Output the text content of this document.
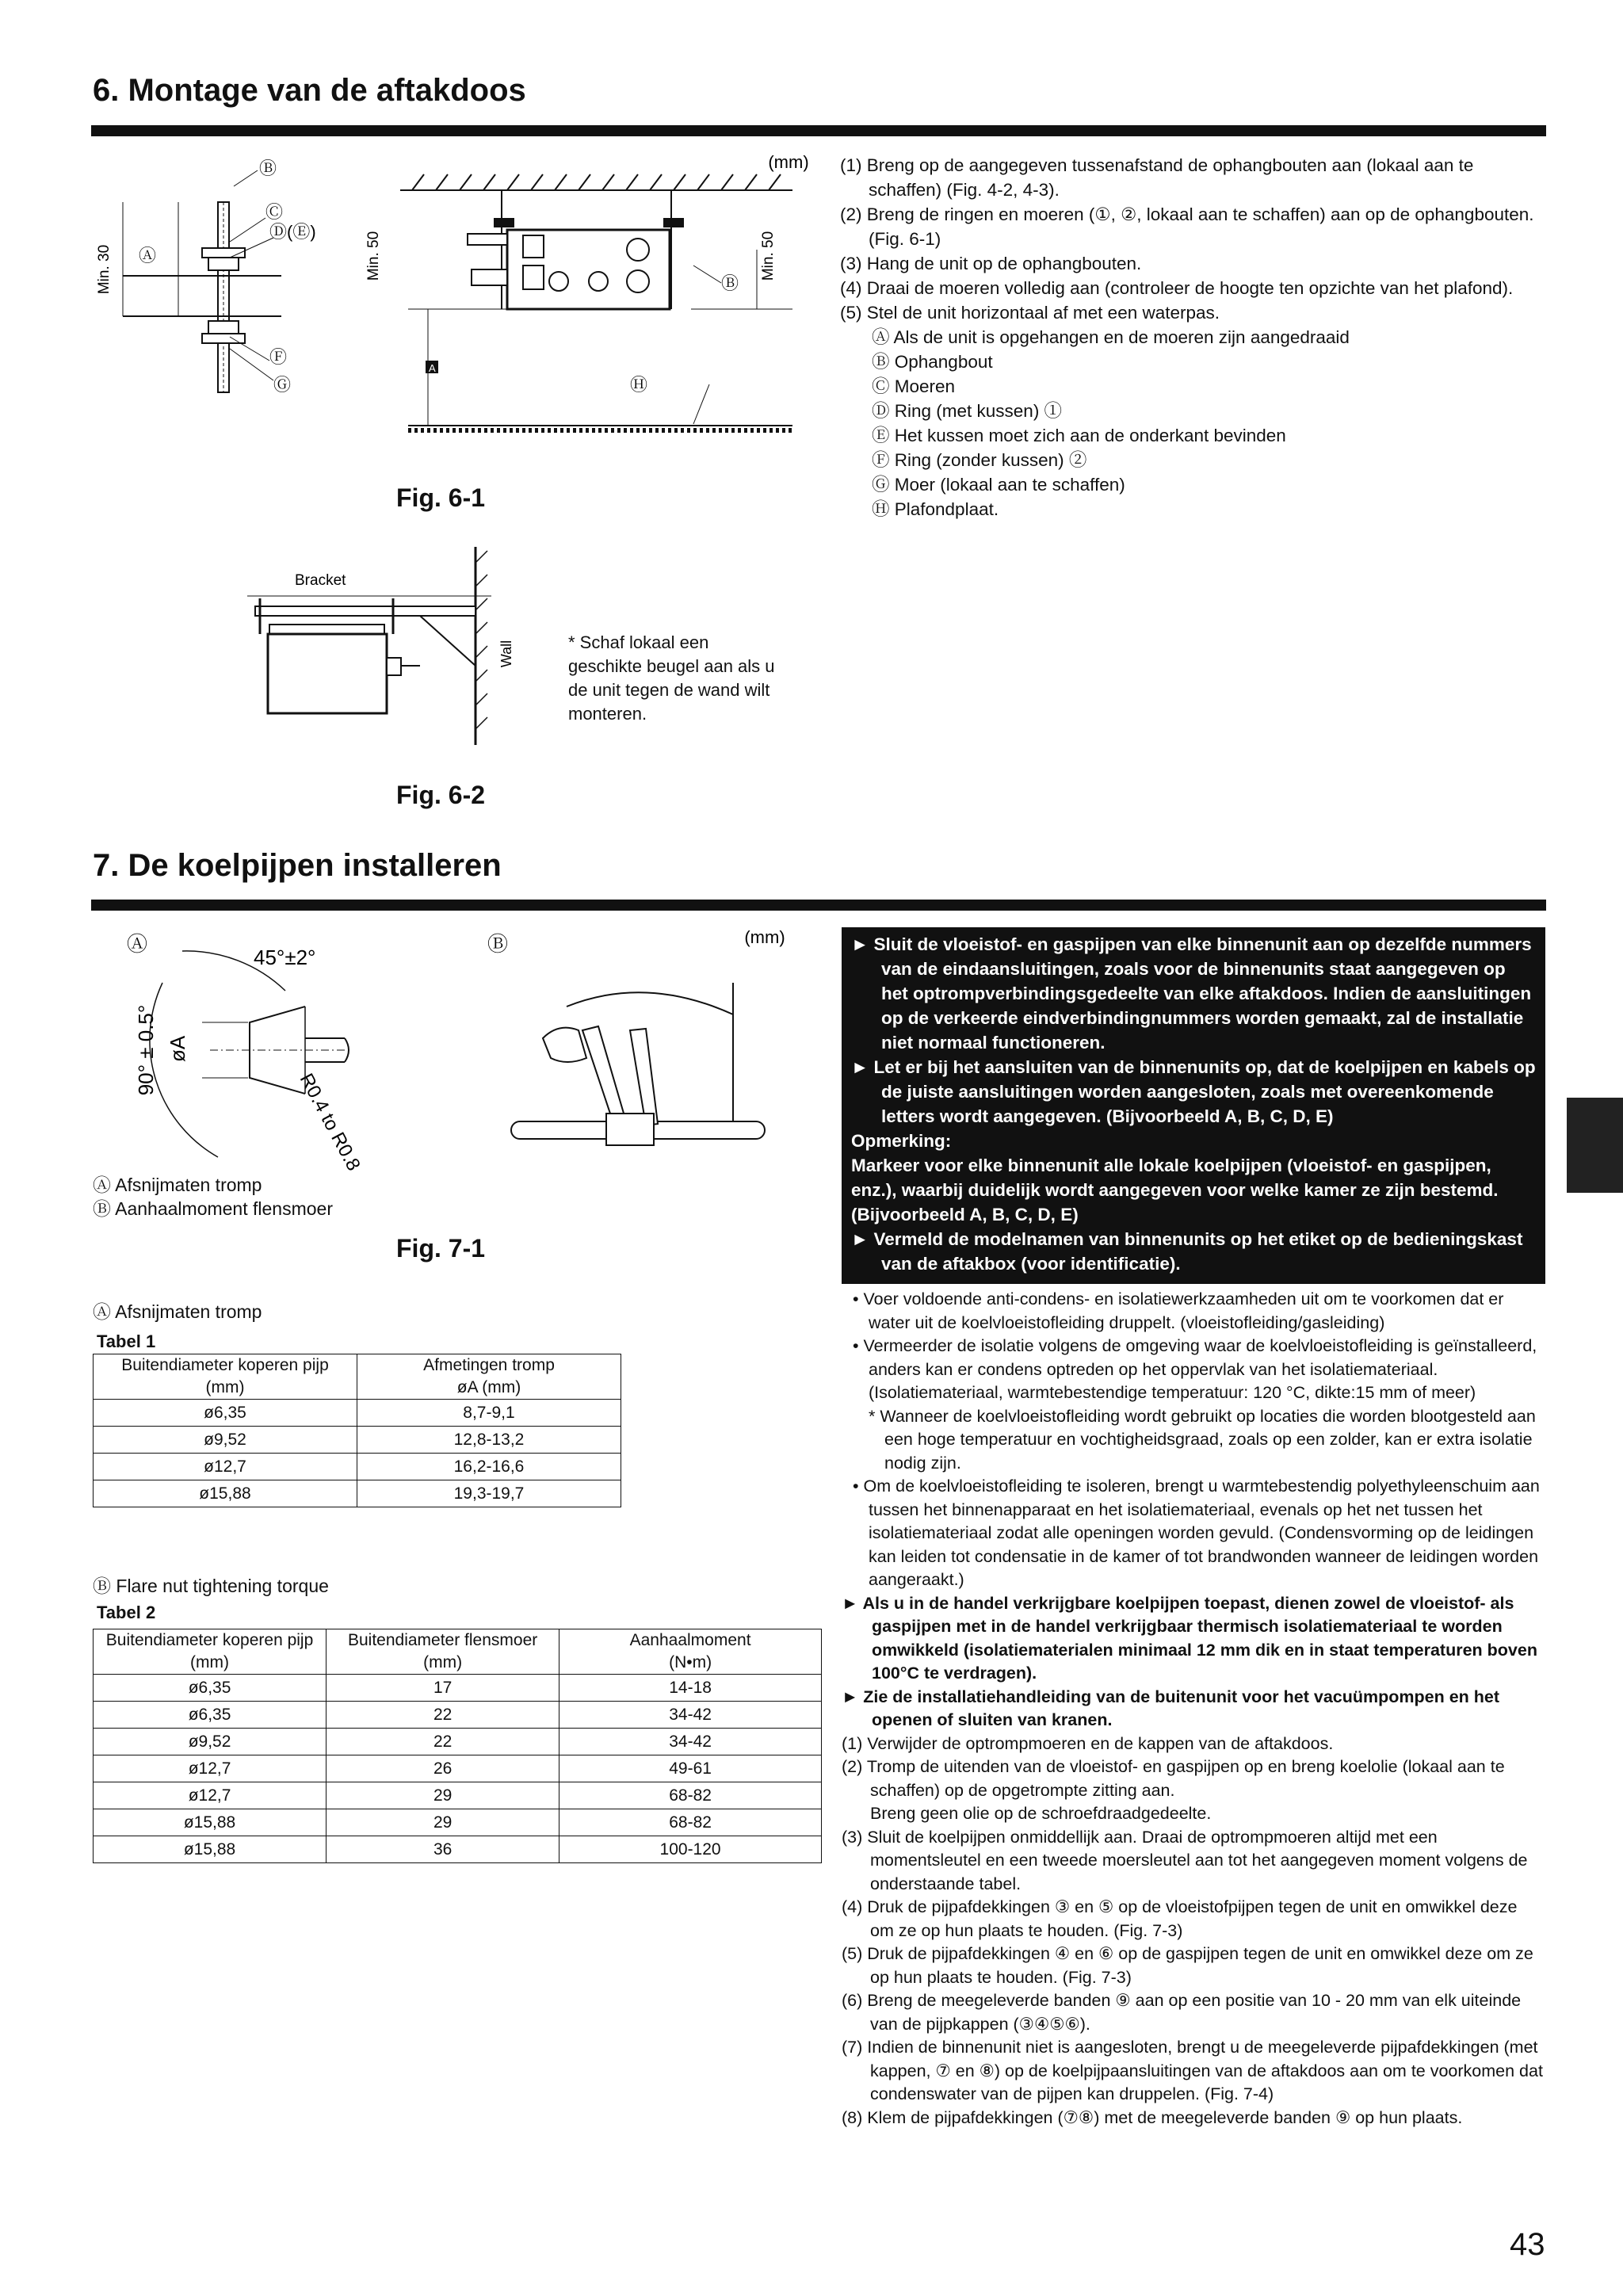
6. Montage van de aftakdoos
Min. 30	Min. 50	Min. 50
Ⓐ
Ⓑ
Ⓒ
Ⓓ(Ⓔ)
Ⓕ
Ⓖ
Ⓑ
Ⓗ
A
(mm)
Fig. 6-1
Bracket
Wall	* Schaf lokaal een geschikte beugel aan als u de unit tegen de wand wilt monteren.
Fig. 6-2

(1) Breng op de aangegeven tussenafstand de ophangbouten aan (lokaal aan te schaffen) (Fig. 4-2, 4-3).

(2) Breng de ringen en moeren (①, ②, lokaal aan te schaffen) aan op de ophangbouten. (Fig. 6-1)

(3) Hang de unit op de ophangbouten.

(4) Draai de moeren volledig aan (controleer de hoogte ten opzichte van het plafond).

(5) Stel de unit horizontaal af met een waterpas.

Ⓐ Als de unit is opgehangen en de moeren zijn aangedraaid

Ⓑ Ophangbout

Ⓒ Moeren

Ⓓ Ring (met kussen) ①

Ⓔ Het kussen moet zich aan de onderkant bevinden

Ⓕ Ring (zonder kussen) ②

Ⓖ Moer (lokaal aan te schaffen)

Ⓗ Plafondplaat.

7. De koelpijpen installeren
Ⓐ	Ⓑ	(mm)
45°±2°
90° ± 0.5° øA
R0.4 to R0.8

Ⓐ Afsnijmaten tromp

Ⓑ Aanhaalmoment flensmoer

Fig. 7-1
Ⓐ Afsnijmaten tromp
Tabel 1
Buitendiameter koperen pijp
(mm)	Afmetingen tromp
øA (mm)
ø6,35	8,7-9,1
ø9,52	12,8-13,2
ø12,7	16,2-16,6
ø15,88	19,3-19,7
Ⓑ Flare nut tightening torque
Tabel 2
Buitendiameter koperen pijp
(mm)	Buitendiameter flensmoer
(mm)	Aanhaalmoment
(N•m)
ø6,35	17	14-18
ø6,35	22	34-42
ø9,52	22	34-42
ø12,7	26	49-61
ø12,7	29	68-82
ø15,88	29	68-82
ø15,88	36	100-120

► Sluit de vloeistof- en gaspijpen van elke binnenunit aan op dezelfde nummers van de eindaansluitingen, zoals voor de binnenunits staat aangegeven op het optrompverbindingsgedeelte van elke aftakdoos. Indien de aansluitingen op de verkeerde eindverbindingnummers worden gemaakt, zal de installatie niet normaal functioneren.

► Let er bij het aansluiten van de binnenunits op, dat de koelpijpen en kabels op de juiste aansluitingen worden aangesloten, zoals met overeenkomende letters wordt aangegeven. (Bijvoorbeeld A, B, C, D, E)

Opmerking:

Markeer voor elke binnenunit alle lokale koelpijpen (vloeistof- en gaspijpen, enz.), waarbij duidelijk wordt aangegeven voor welke kamer ze zijn bestemd. (Bijvoorbeeld A, B, C, D, E)

► Vermeld de modelnamen van binnenunits op het etiket op de bedieningskast van de aftakbox (voor identificatie).

• Voer voldoende anti-condens- en isolatiewerkzaamheden uit om te voorkomen dat er water uit de koelvloeistofleiding druppelt. (vloeistofleiding/gasleiding)

• Vermeerder de isolatie volgens de omgeving waar de koelvloeistofleiding is geïnstalleerd, anders kan er condens optreden op het oppervlak van het isolatiemateriaal. (Isolatiemateriaal, warmtebestendige temperatuur: 120 °C, dikte:15 mm of meer)

* Wanneer de koelvloeistofleiding wordt gebruikt op locaties die worden blootgesteld aan een hoge temperatuur en vochtigheidsgraad, zoals op een zolder, kan er extra isolatie nodig zijn.

• Om de koelvloeistofleiding te isoleren, brengt u warmtebestendig polyethyleenschuim aan tussen het binnenapparaat en het isolatiemateriaal, evenals op het net tussen het isolatiemateriaal zodat alle openingen worden gevuld. (Condensvorming op de leidingen kan leiden tot condensatie in de kamer of tot brandwonden wanneer de leidingen worden aangeraakt.)

► Als u in de handel verkrijgbare koelpijpen toepast, dienen zowel de vloeistof- als gaspijpen met in de handel verkrijgbaar thermisch isolatiemateriaal te worden omwikkeld (isolatiematerialen minimaal 12 mm dik en in staat temperaturen boven 100°C te verdragen).

► Zie de installatiehandleiding van de buitenunit voor het vacuümpompen en het openen of sluiten van kranen.

(1) Verwijder de optrompmoeren en de kappen van de aftakdoos.

(2) Tromp de uitenden van de vloeistof- en gaspijpen op en breng koelolie (lokaal aan te schaffen) op de opgetrompte zitting aan.

Breng geen olie op de schroefdraadgedeelte.

(3) Sluit de koelpijpen onmiddellijk aan. Draai de optrompmoeren altijd met een momentsleutel en een tweede moersleutel aan tot het aangegeven moment volgens de onderstaande tabel.

(4) Druk de pijpafdekkingen ③ en ⑤ op de vloeistofpijpen tegen de unit en omwikkel deze om ze op hun plaats te houden. (Fig. 7-3)

(5) Druk de pijpafdekkingen ④ en ⑥ op de gaspijpen tegen de unit en omwikkel deze om ze op hun plaats te houden. (Fig. 7-3)

(6) Breng de meegeleverde banden ⑨ aan op een positie van 10 - 20 mm van elk uiteinde van de pijpkappen (③④⑤⑥).

(7) Indien de binnenunit niet is aangesloten, brengt u de meegeleverde pijpafdekkingen (met kappen, ⑦ en ⑧) op de koelpijpaansluitingen van de aftakdoos aan om te voorkomen dat condenswater van de pijpen kan druppelen. (Fig. 7-4)

(8) Klem de pijpafdekkingen (⑦⑧) met de meegeleverde banden ⑨ op hun plaats.

43
